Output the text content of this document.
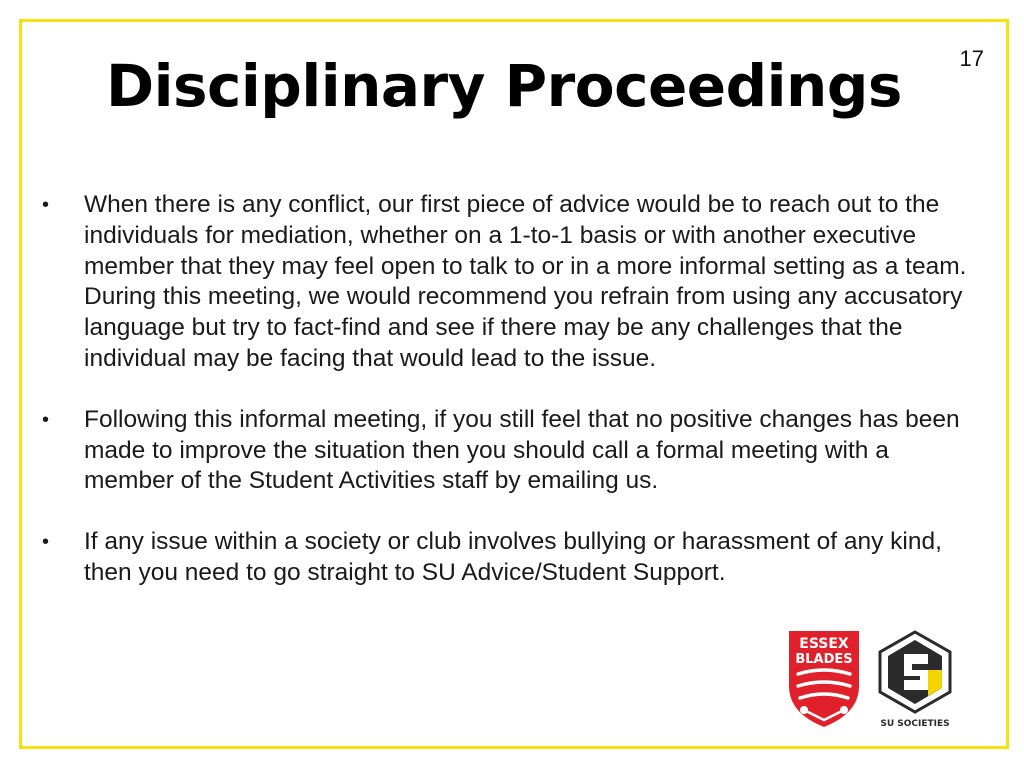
17
Disciplinary Proceedings
•	When there is any conflict, our first piece of advice would be to reach out to the individuals for mediation, whether on a 1-to-1 basis or with another executive member that they may feel open to talk to or in a more informal setting as a team. During this meeting, we would recommend you refrain from using any accusatory language but try to fact-find and see if there may be any challenges that the individual may be facing that would lead to the issue.
•	Following this informal meeting, if you still feel that no positive changes has been made to improve the situation then you should call a formal meeting with a member of the Student Activities staff by emailing us.
•	If any issue within a society or club involves bullying or harassment of any kind, then you need to go straight to SU Advice/Student Support.
ESSEX
BLADES
SU SOCIETIES
